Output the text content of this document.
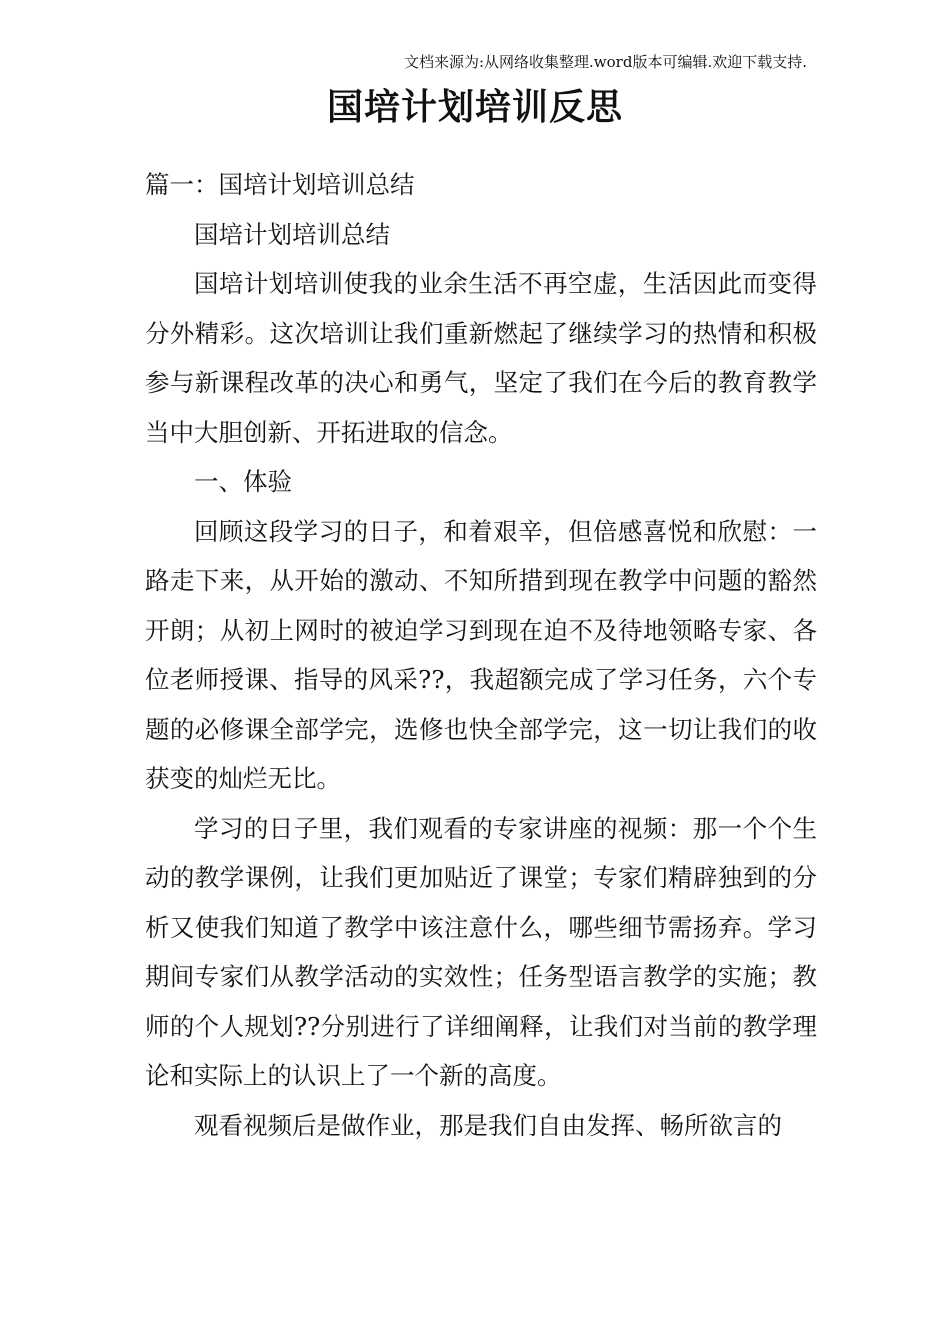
文档来源为:从网络收集整理.word版本可编辑.欢迎下载支持.
国培计划培训反思

篇一：国培计划培训总结

国培计划培训总结

国培计划培训使我的业余生活不再空虚，生活因此而变得分外精彩。这次培训让我们重新燃起了继续学习的热情和积极参与新课程改革的决心和勇气，坚定了我们在今后的教育教学当中大胆创新、开拓进取的信念。

一、体验

回顾这段学习的日子，和着艰辛，但倍感喜悦和欣慰：一路走下来，从开始的激动、不知所措到现在教学中问题的豁然开朗；从初上网时的被迫学习到现在迫不及待地领略专家、各位老师授课、指导的风采??，我超额完成了学习任务，六个专题的必修课全部学完，选修也快全部学完，这一切让我们的收获变的灿烂无比。

学习的日子里，我们观看的专家讲座的视频：那一个个生动的教学课例，让我们更加贴近了课堂；专家们精辟独到的分析又使我们知道了教学中该注意什么，哪些细节需扬弃。学习期间专家们从教学活动的实效性；任务型语言教学的实施；教师的个人规划??分别进行了详细阐释，让我们对当前的教学理论和实际上的认识上了一个新的高度。

观看视频后是做作业，那是我们自由发挥、畅所欲言的
